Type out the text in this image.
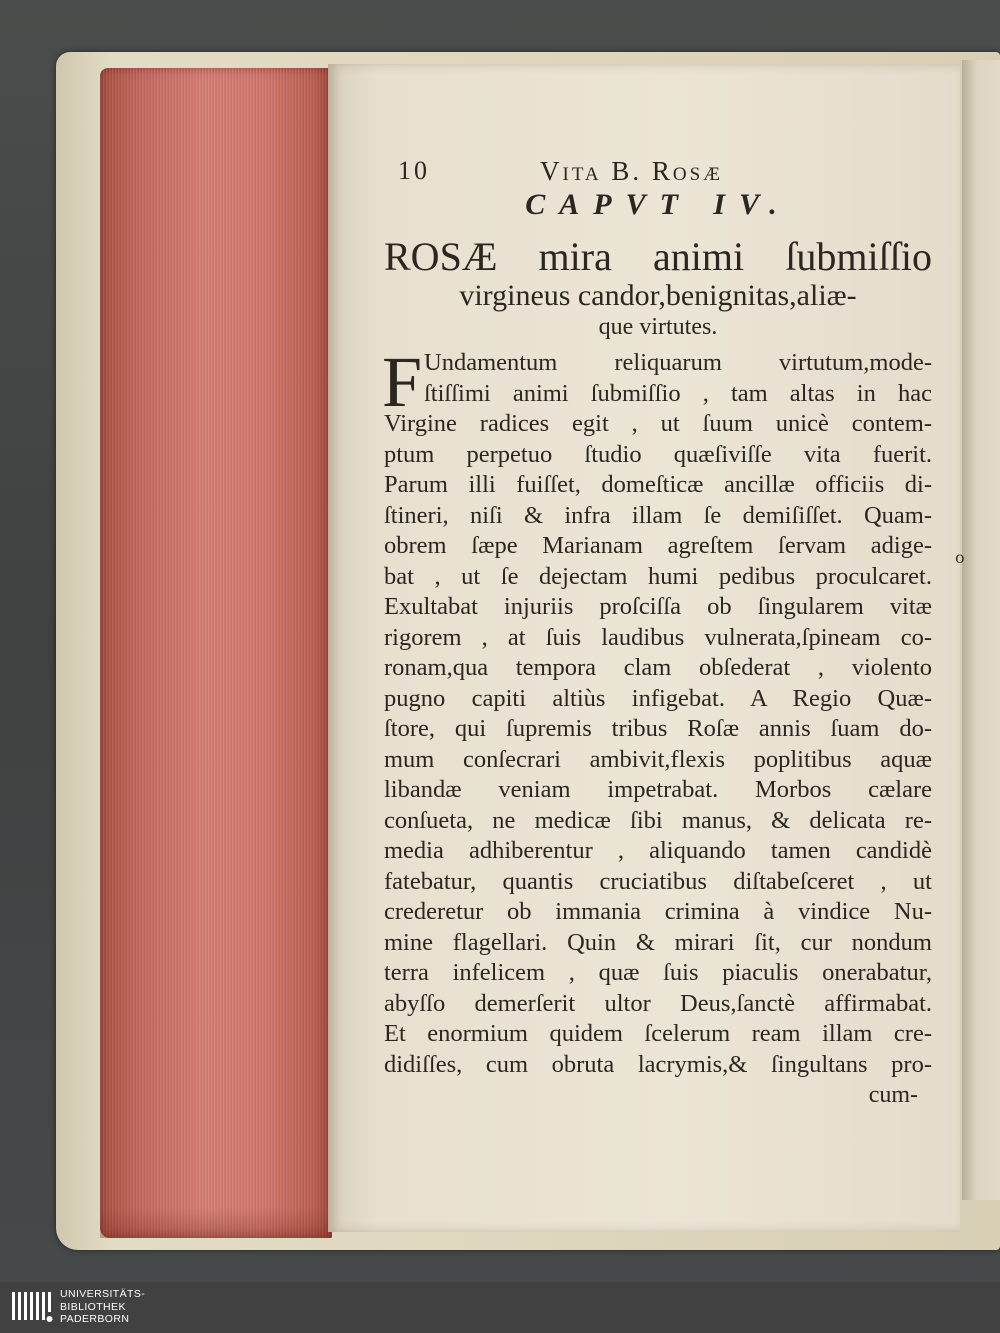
10	Vita B. Rosæ
CAPVT IV.
ROSÆ mira animi ſubmiſſio
virgineus candor,benignitas,aliæ-
que virtutes.
F Undamentum reliquarum virtutum,mode-
ſtiſſimi animi ſubmiſſio , tam altas in hac
Virgine radices egit , ut ſuum unicè contem-
ptum perpetuo ſtudio quæſiviſſe vita fuerit.
Parum illi fuiſſet, domeſticæ ancillæ officiis di-
ſtineri, niſi & infra illam ſe demiſiſſet. Quam-
obrem ſæpe Marianam agreſtem ſervam adige-
bat , ut ſe dejectam humi pedibus proculcaret.
Exultabat injuriis proſciſſa ob ſingularem vitæ
rigorem , at ſuis laudibus vulnerata,ſpineam co-
ronam,qua tempora clam obſederat , violento
pugno capiti altiùs infigebat. A Regio Quæ-
ſtore, qui ſupremis tribus Roſæ annis ſuam do-
mum conſecrari ambivit,flexis poplitibus aquæ
libandæ veniam impetrabat. Morbos cælare
conſueta, ne medicæ ſibi manus, & delicata re-
media adhiberentur , aliquando tamen candidè
fatebatur, quantis cruciatibus diſtabeſceret , ut
crederetur ob immania crimina à vindice Nu-
mine flagellari. Quin & mirari ſit, cur nondum
terra infelicem , quæ ſuis piaculis onerabatur,
abyſſo demerſerit ultor Deus,ſanctè affirmabat.
Et enormium quidem ſcelerum ream illam cre-
didiſſes, cum obruta lacrymis,& ſingultans pro-
cum-
o
UNIVERSITÄTS-
BIBLIOTHEK
PADERBORN
